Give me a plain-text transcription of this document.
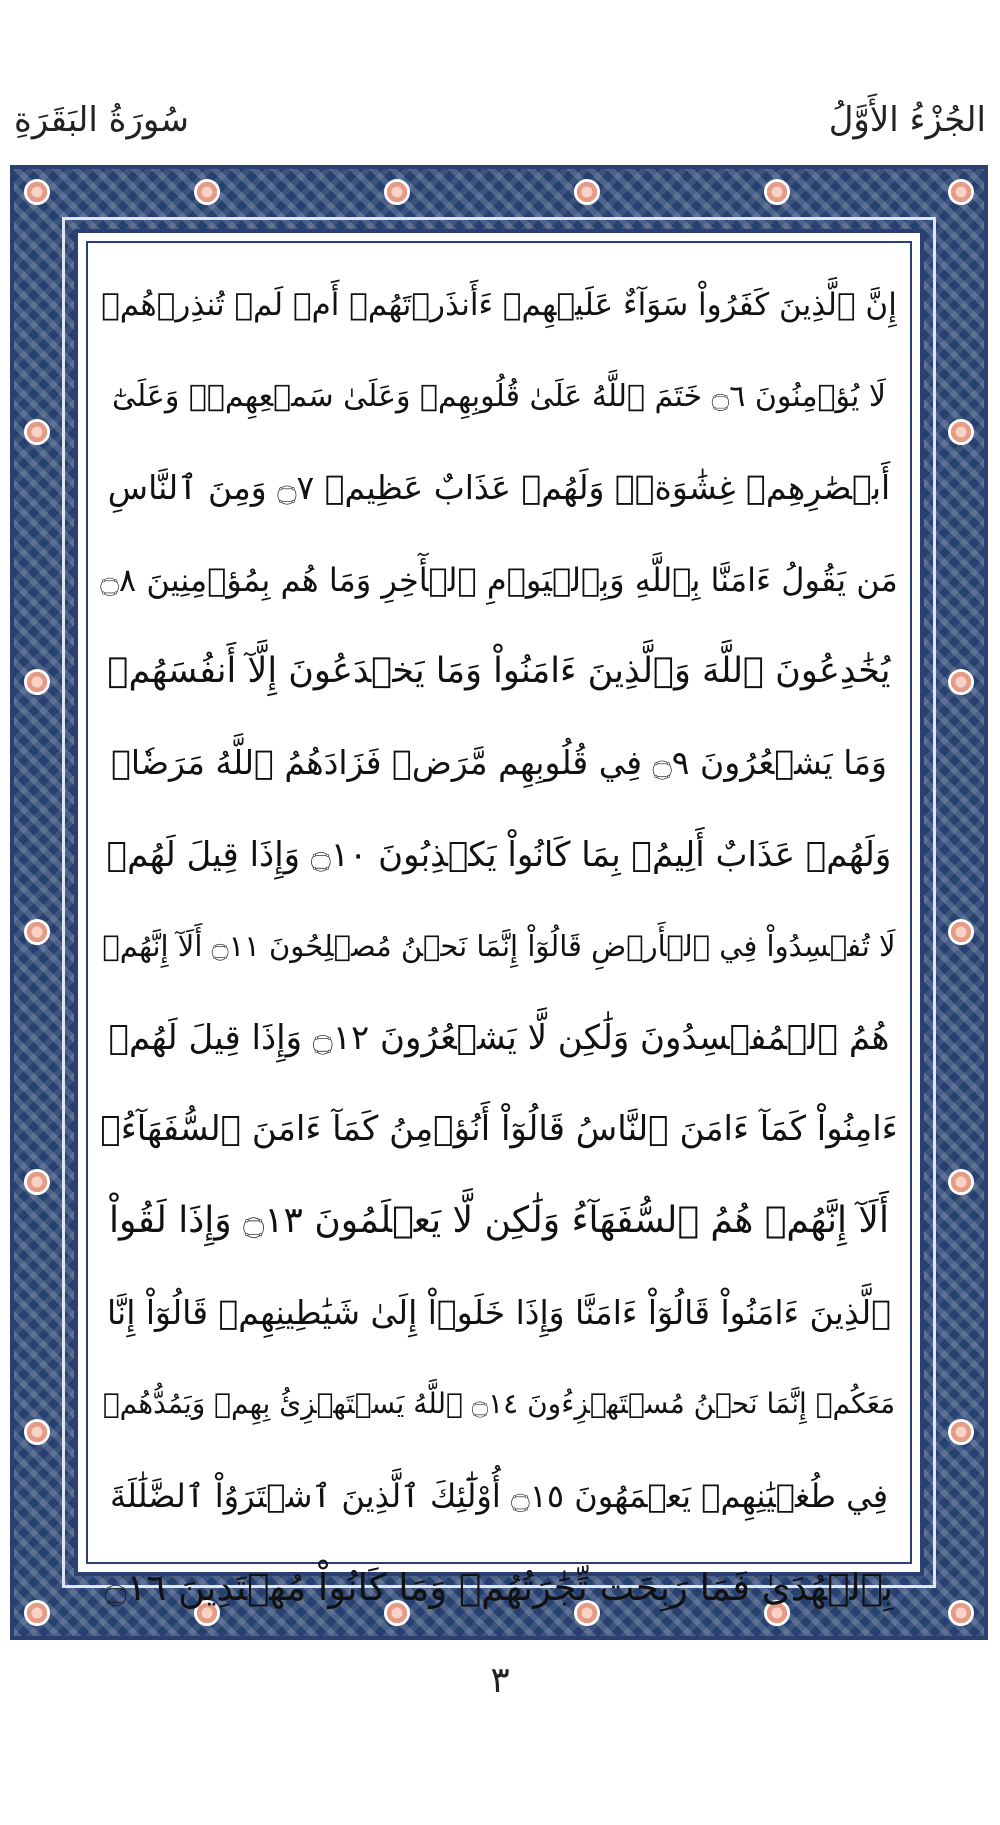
سُورَةُ البَقَرَةِ	الجُزْءُ الأَوَّلُ
إِنَّ ٱلَّذِينَ كَفَرُواْ سَوَآءٌ عَلَيۡهِمۡ ءَأَنذَرۡتَهُمۡ أَمۡ لَمۡ تُنذِرۡهُمۡ
لَا يُؤۡمِنُونَ ۝٦ خَتَمَ ٱللَّهُ عَلَىٰ قُلُوبِهِمۡ وَعَلَىٰ سَمۡعِهِمۡۖ وَعَلَىٰٓ
أَبۡصَٰرِهِمۡ غِشَٰوَةٞۖ وَلَهُمۡ عَذَابٌ عَظِيمٞ ۝٧ وَمِنَ ٱلنَّاسِ
مَن يَقُولُ ءَامَنَّا بِٱللَّهِ وَبِٱلۡيَوۡمِ ٱلۡأٓخِرِ وَمَا هُم بِمُؤۡمِنِينَ ۝٨
يُخَٰدِعُونَ ٱللَّهَ وَٱلَّذِينَ ءَامَنُواْ وَمَا يَخۡدَعُونَ إِلَّآ أَنفُسَهُمۡ
وَمَا يَشۡعُرُونَ ۝٩ فِي قُلُوبِهِم مَّرَضٞ فَزَادَهُمُ ٱللَّهُ مَرَضٗاۖ
وَلَهُمۡ عَذَابٌ أَلِيمُۢ بِمَا كَانُواْ يَكۡذِبُونَ ۝١٠ وَإِذَا قِيلَ لَهُمۡ
لَا تُفۡسِدُواْ فِي ٱلۡأَرۡضِ قَالُوٓاْ إِنَّمَا نَحۡنُ مُصۡلِحُونَ ۝١١ أَلَآ إِنَّهُمۡ
هُمُ ٱلۡمُفۡسِدُونَ وَلَٰكِن لَّا يَشۡعُرُونَ ۝١٢ وَإِذَا قِيلَ لَهُمۡ
ءَامِنُواْ كَمَآ ءَامَنَ ٱلنَّاسُ قَالُوٓاْ أَنُؤۡمِنُ كَمَآ ءَامَنَ ٱلسُّفَهَآءُۗ
أَلَآ إِنَّهُمۡ هُمُ ٱلسُّفَهَآءُ وَلَٰكِن لَّا يَعۡلَمُونَ ۝١٣ وَإِذَا لَقُواْ
ٱلَّذِينَ ءَامَنُواْ قَالُوٓاْ ءَامَنَّا وَإِذَا خَلَوۡاْ إِلَىٰ شَيَٰطِينِهِمۡ قَالُوٓاْ إِنَّا
مَعَكُمۡ إِنَّمَا نَحۡنُ مُسۡتَهۡزِءُونَ ۝١٤ ٱللَّهُ يَسۡتَهۡزِئُ بِهِمۡ وَيَمُدُّهُمۡ
فِي طُغۡيَٰنِهِمۡ يَعۡمَهُونَ ۝١٥ أُوْلَٰٓئِكَ ٱلَّذِينَ ٱشۡتَرَوُاْ ٱلضَّلَٰلَةَ
بِٱلۡهُدَىٰ فَمَا رَبِحَت تِّجَٰرَتُهُمۡ وَمَا كَانُواْ مُهۡتَدِينَ ۝١٦
٣
